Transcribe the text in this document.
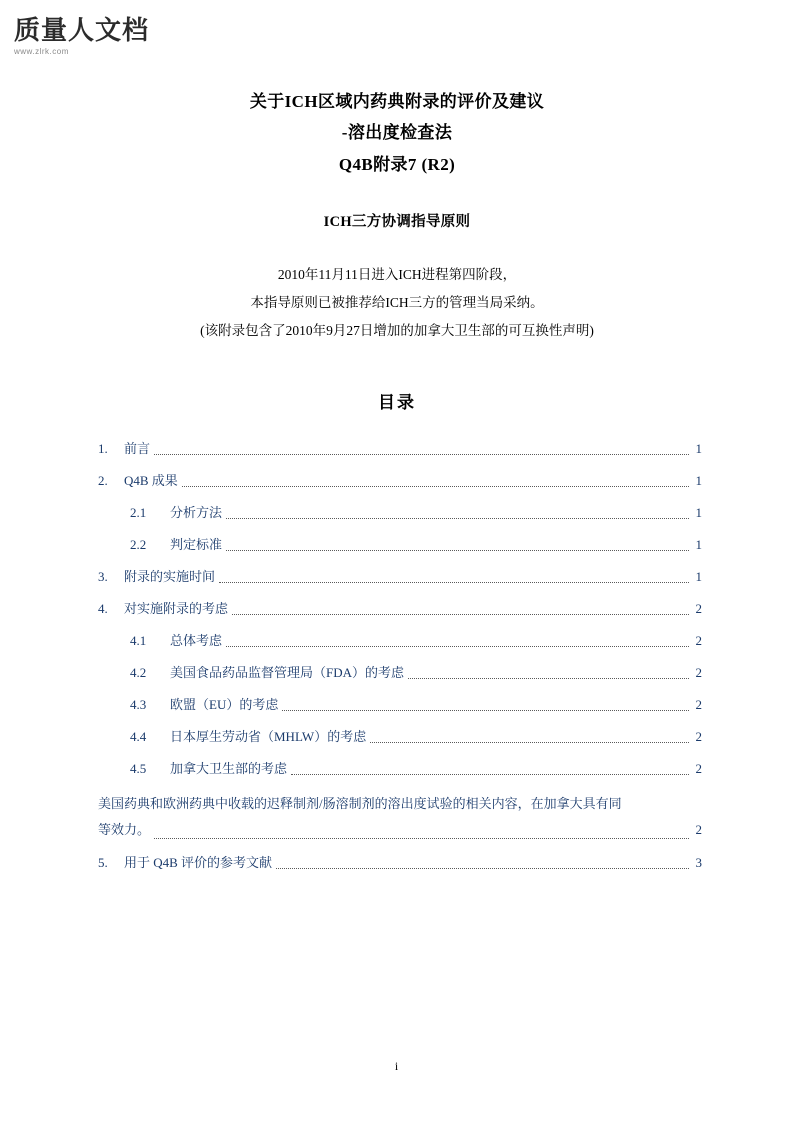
质量人文档
www.zlrk.com
关于ICH区域内药典附录的评价及建议
-溶出度检查法
Q4B附录7 (R2)
ICH三方协调指导原则
2010年11月11日进入ICH进程第四阶段，
本指导原则已被推荐给ICH三方的管理当局采纳。
(该附录包含了2010年9月27日增加的加拿大卫生部的可互换性声明)
目录
1.	前言	1
2.	Q4B 成果	1
2.1	分析方法	1
2.2	判定标准	1
3.	附录的实施时间	1
4.	对实施附录的考虑	2
4.1	总体考虑	2
4.2	美国食品药品监督管理局（FDA）的考虑	2
4.3	欧盟（EU）的考虑	2
4.4	日本厚生劳动省（MHLW）的考虑	2
4.5	加拿大卫生部的考虑	2
美国药典和欧洲药典中收载的迟释制剂/肠溶制剂的溶出度试验的相关内容，在加拿大具有同
等效力。	2
5.	用于 Q4B 评价的参考文献	3
i
